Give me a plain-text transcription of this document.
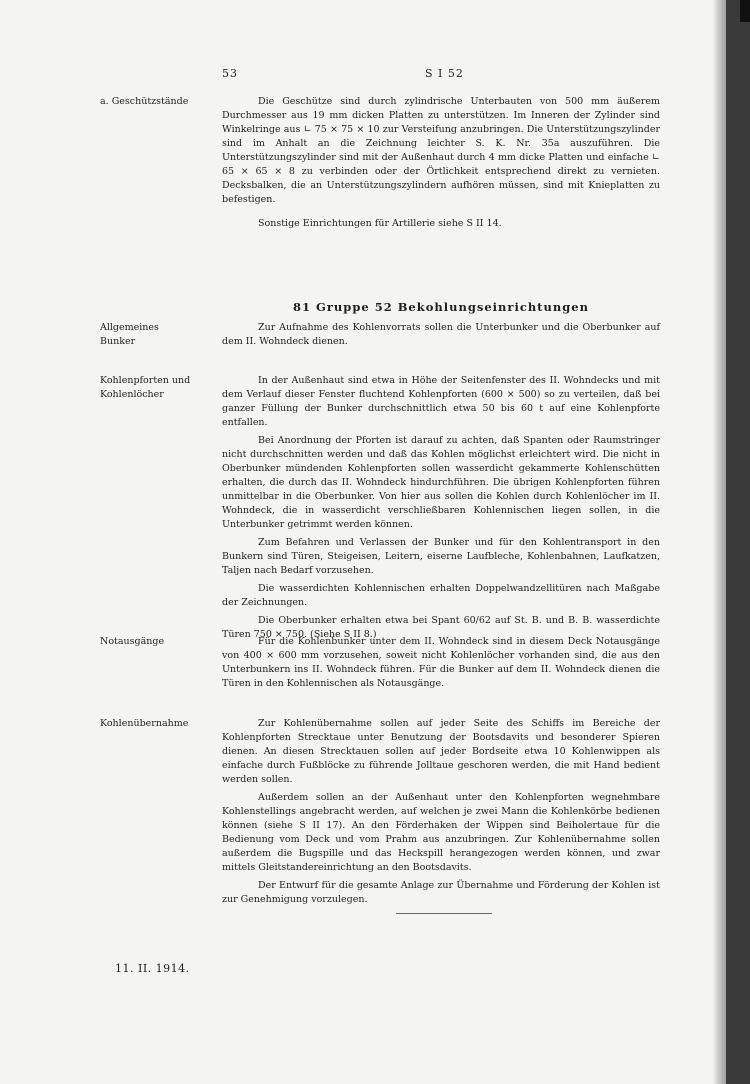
53	S I 52
a. Geschützstände	Die Geschütze sind durch zylindrische Unterbauten von 500 mm äußerem Durchmesser aus 19 mm dicken Platten zu unterstützen. Im Inneren der Zylinder sind Winkelringe aus ∟ 75 × 75 × 10 zur Versteifung anzubringen. Die Unterstützungszylinder sind im Anhalt an die Zeichnung leichter S. K. Nr. 35a auszuführen. Die Unterstützungszylinder sind mit der Außenhaut durch 4 mm dicke Platten und einfache ∟ 65 × 65 × 8 zu verbinden oder der Örtlichkeit entsprechend direkt zu vernieten. Decksbalken, die an Unterstützungszylindern aufhören müssen, sind mit Knieplatten zu befestigen.

Sonstige Einrichtungen für Artillerie siehe S II 14.

81 Gruppe 52 Bekohlungseinrichtungen
Allgemeines
Bunker

Zur Aufnahme des Kohlenvorrats sollen die Unterbunker und die Oberbunker auf dem II. Wohndeck dienen.

Kohlenpforten und
Kohlenlöcher

In der Außenhaut sind etwa in Höhe der Seitenfenster des II. Wohndecks und mit dem Verlauf dieser Fenster fluchtend Kohlenpforten (600 × 500) so zu verteilen, daß bei ganzer Füllung der Bunker durchschnittlich etwa 50 bis 60 t auf eine Kohlenpforte entfallen.

Bei Anordnung der Pforten ist darauf zu achten, daß Spanten oder Raumstringer nicht durchschnitten werden und daß das Kohlen möglichst erleichtert wird. Die nicht in Oberbunker mündenden Kohlenpforten sollen wasserdicht gekammerte Kohlenschütten erhalten, die durch das II. Wohndeck hindurchführen. Die übrigen Kohlenpforten führen unmittelbar in die Oberbunker. Von hier aus sollen die Kohlen durch Kohlenlöcher im II. Wohndeck, die in wasserdicht verschließbaren Kohlennischen liegen sollen, in die Unterbunker getrimmt werden können.

Zum Befahren und Verlassen der Bunker und für den Kohlentransport in den Bunkern sind Türen, Steigeisen, Leitern, eiserne Laufbleche, Kohlenbahnen, Laufkatzen, Taljen nach Bedarf vorzusehen.

Die wasserdichten Kohlennischen erhalten Doppelwandzellitüren nach Maßgabe der Zeichnungen.

Die Oberbunker erhalten etwa bei Spant 60/62 auf St. B. und B. B. wasserdichte Türen 750 × 750. (Siehe S II 8.)

Notausgänge	Für die Kohlenbunker unter dem II. Wohndeck sind in diesem Deck Notausgänge von 400 × 600 mm vorzusehen, soweit nicht Kohlenlöcher vorhanden sind, die aus den Unterbunkern ins II. Wohndeck führen. Für die Bunker auf dem II. Wohndeck dienen die Türen in den Kohlennischen als Notausgänge.

Kohlenübernahme	Zur Kohlenübernahme sollen auf jeder Seite des Schiffs im Bereiche der Kohlenpforten Strecktaue unter Benutzung der Bootsdavits und besonderer Spieren dienen. An diesen Strecktauen sollen auf jeder Bordseite etwa 10 Kohlenwippen als einfache durch Fußblöcke zu führende Jolltaue geschoren werden, die mit Hand bedient werden sollen.

Außerdem sollen an der Außenhaut unter den Kohlenpforten wegnehmbare Kohlenstellings angebracht werden, auf welchen je zwei Mann die Kohlenkörbe bedienen können (siehe S II 17). An den Förderhaken der Wippen sind Beiholertaue für die Bedienung vom Deck und vom Prahm aus anzubringen. Zur Kohlenübernahme sollen außerdem die Bugspille und das Heckspill herangezogen werden können, und zwar mittels Gleitstandereinrichtung an den Bootsdavits.

Der Entwurf für die gesamte Anlage zur Übernahme und Förderung der Kohlen ist zur Genehmigung vorzulegen.

11. II. 1914.
